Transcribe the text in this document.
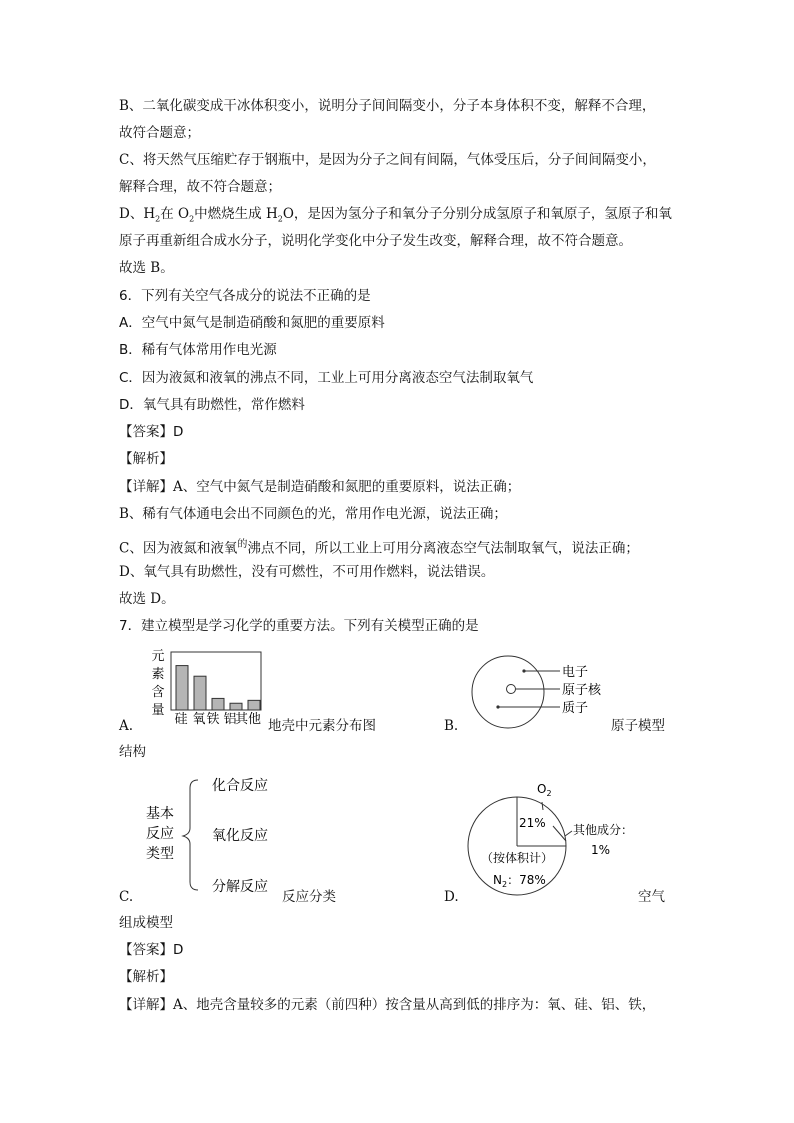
B、二氧化碳变成干冰体积变小，说明分子间间隔变小，分子本身体积不变，解释不合理，
故符合题意；
C、将天然气压缩贮存于钢瓶中，是因为分子之间有间隔，气体受压后，分子间间隔变小，
解释合理，故不符合题意；
D、$H_2$在 $O_2$中燃烧生成 $H_2O$，是因为氢分子和氧分子分别分成氢原子和氧原子，氢原子和氧
原子再重新组合成水分子，说明化学变化中分子发生改变，解释合理，故不符合题意。
故选 B。
6．下列有关空气各成分的说法不正确的是
A．空气中氮气是制造硝酸和氮肥的重要原料
B．稀有气体常用作电光源
C．因为液氮和液氧的沸点不同，工业上可用分离液态空气法制取氧气
D．氧气具有助燃性，常作燃料
【答案】D
【解析】
【详解】A、空气中氮气是制造硝酸和氮肥的重要原料，说法正确；
B、稀有气体通电会出不同颜色的光，常用作电光源，说法正确；
C、因为液氮和液氧$^的$沸点不同，所以工业上可用分离液态空气法制取氧气，说法正确；
D、氧气具有助燃性，没有可燃性，不可用作燃料，说法错误。
故选 D。
7．建立模型是学习化学的重要方法。下列有关模型正确的是
元
素
含
量
硅 氧 铁 铝
其他
A.	地壳中元素分布图
电子
原子核
质子
B.	原子模型
结构
基本
反应
类型
化合反应
氧化反应
分解反应
C.	反应分类
$O_2$
21% 其他成分：
1%
（按体积计）
$N_2$：78%
D.	空气
组成模型
【答案】D
【解析】
【详解】A、地壳含量较多的元素（前四种）按含量从高到低的排序为：氧、硅、铝、铁，
